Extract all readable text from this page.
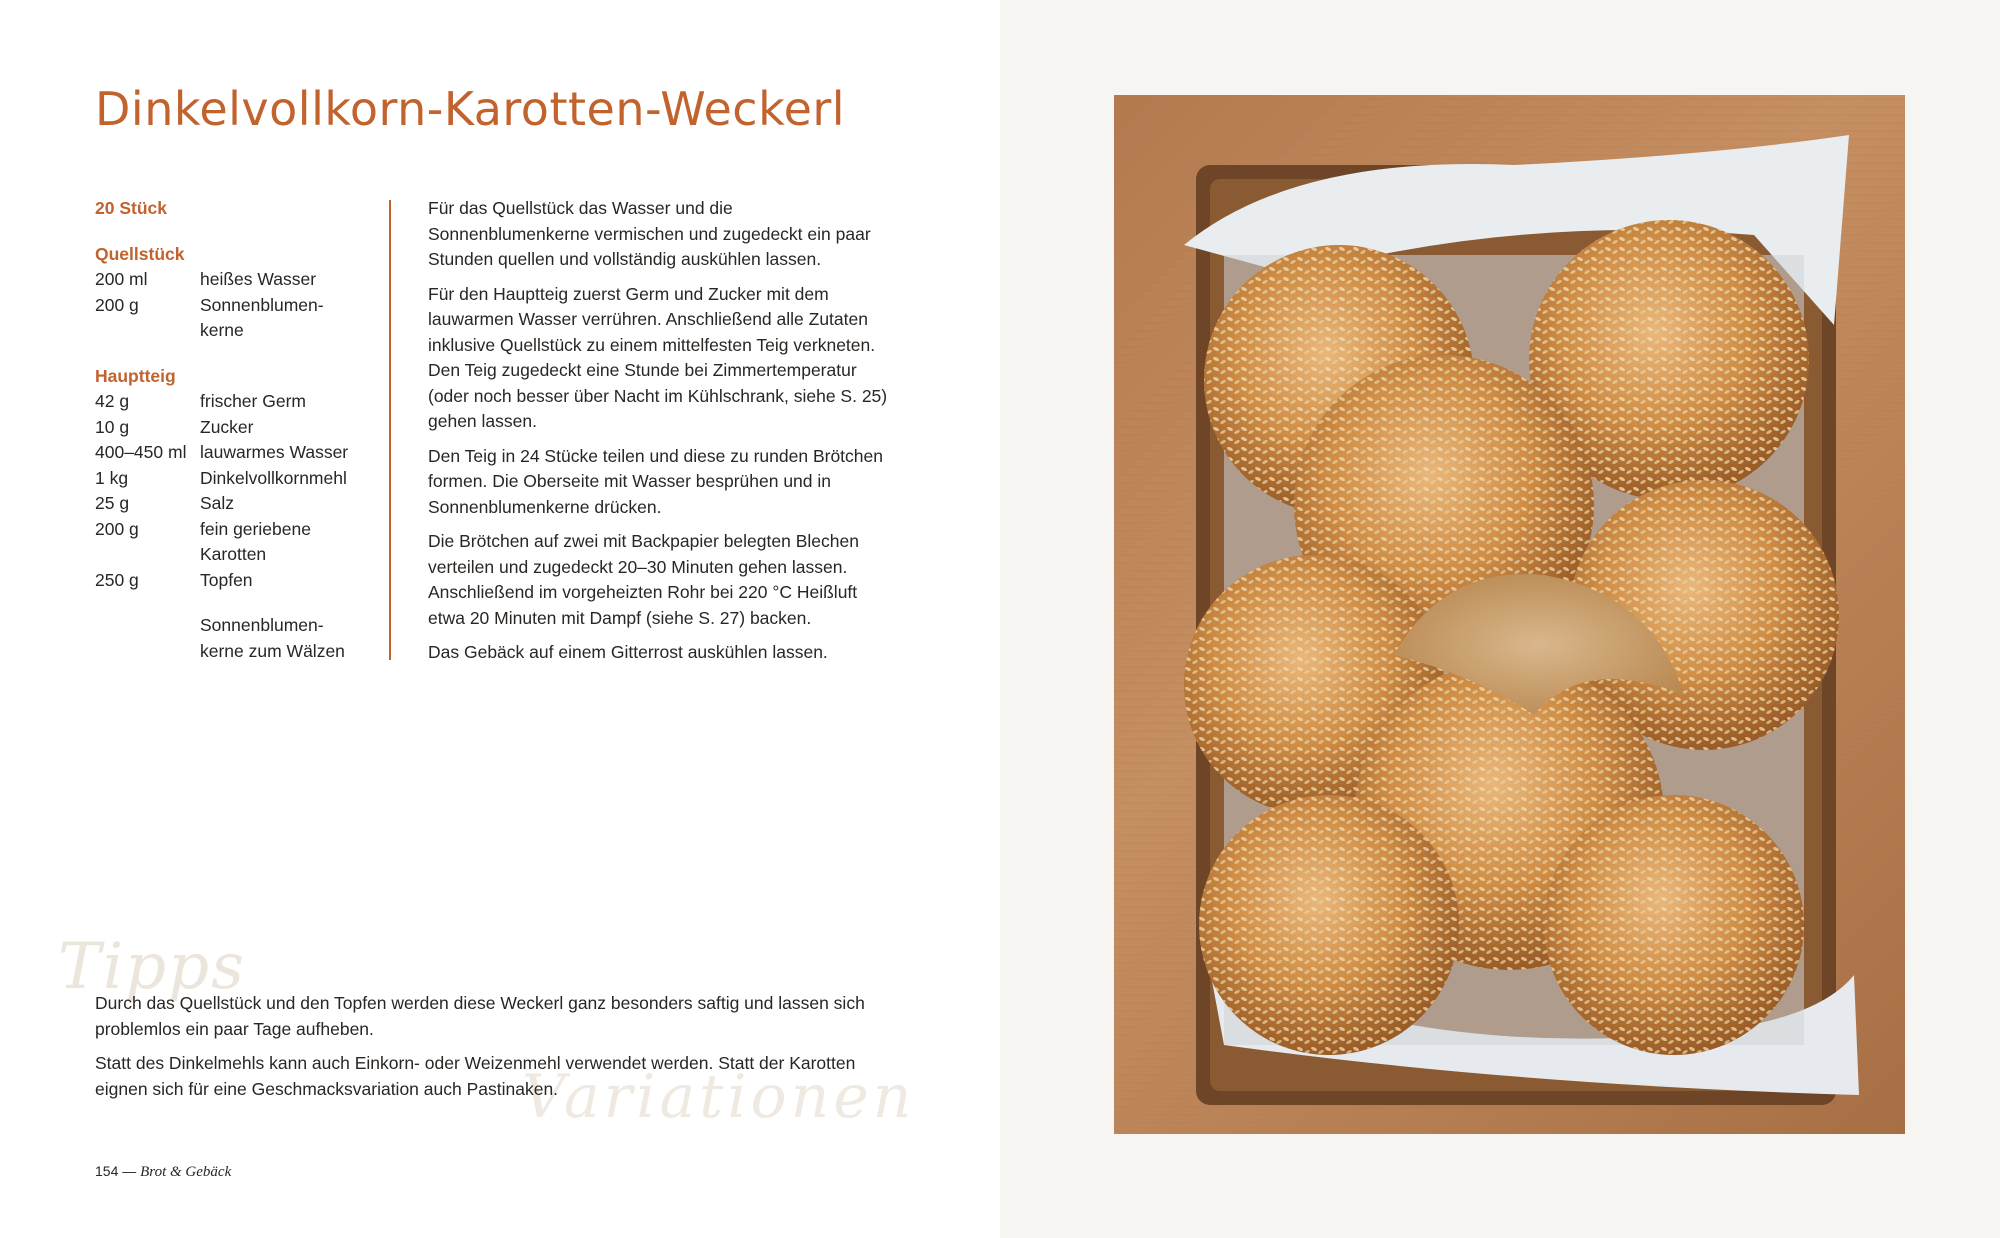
Dinkelvollkorn-Karotten-Weckerl
20 Stück
Quellstück
200 ml	heißes Wasser
200 g	Sonnenblumen-
kerne
Hauptteig
42 g	frischer Germ
10 g	Zucker
400–450 ml lauwarmes Wasser
1 kg	Dinkelvollkornmehl
25 g	Salz
200 g	fein geriebene
Karotten
250 g	Topfen
Sonnenblumen-
kerne zum Wälzen

Für das Quellstück das Wasser und die Sonnenblumenkerne vermischen und zugedeckt ein paar Stunden quellen und vollständig auskühlen lassen.

Für den Hauptteig zuerst Germ und Zucker mit dem lauwarmen Wasser verrühren. Anschließend alle Zutaten inklusive Quellstück zu einem mittelfesten Teig verkneten. Den Teig zugedeckt eine Stunde bei Zimmertemperatur (oder noch besser über Nacht im Kühlschrank, siehe S. 25) gehen lassen.

Den Teig in 24 Stücke teilen und diese zu runden Brötchen formen. Die Oberseite mit Wasser besprühen und in Sonnenblumenkerne drücken.

Die Brötchen auf zwei mit Backpapier belegten Blechen verteilen und zugedeckt 20–30 Minuten gehen lassen. Anschließend im vorgeheizten Rohr bei 220 °C Heißluft etwa 20 Minuten mit Dampf (siehe S. 27) backen.

Das Gebäck auf einem Gitterrost auskühlen lassen.

Tipps
Variationen

Durch das Quellstück und den Topfen werden diese Weckerl ganz besonders saftig und lassen sich problemlos ein paar Tage aufheben.

Statt des Dinkelmehls kann auch Einkorn- oder Weizenmehl verwendet werden. Statt der Karotten eignen sich für eine Geschmacksvariation auch Pastinaken.

154 — Brot & Gebäck
